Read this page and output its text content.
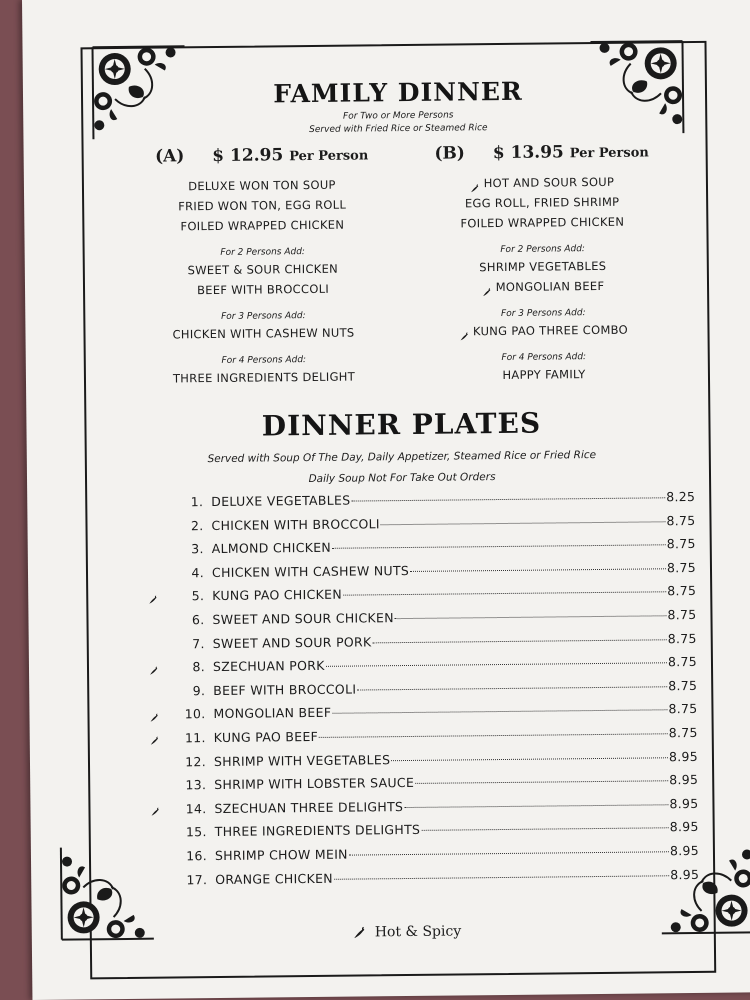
FAMILY DINNER
For Two or More Persons
Served with Fried Rice or Steamed Rice
(A) $ 12.95 Per Person
DELUXE WON TON SOUP
FRIED WON TON, EGG ROLL
FOILED WRAPPED CHICKEN
For 2 Persons Add:
SWEET & SOUR CHICKEN
BEEF WITH BROCCOLI
For 3 Persons Add:
CHICKEN WITH CASHEW NUTS
For 4 Persons Add:
THREE INGREDIENTS DELIGHT
(B) $ 13.95 Per Person
HOT AND SOUR SOUP
EGG ROLL, FRIED SHRIMP
FOILED WRAPPED CHICKEN
For 2 Persons Add:
SHRIMP VEGETABLES
MONGOLIAN BEEF
For 3 Persons Add:
KUNG PAO THREE COMBO
For 4 Persons Add:
HAPPY FAMILY
DINNER PLATES
Served with Soup Of The Day, Daily Appetizer, Steamed Rice or Fried Rice
Daily Soup Not For Take Out Orders
1. DELUXE VEGETABLES	8.25
2. CHICKEN WITH BROCCOLI	8.75
3. ALMOND CHICKEN	8.75
4. CHICKEN WITH CASHEW NUTS	8.75
5. KUNG PAO CHICKEN	8.75
6. SWEET AND SOUR CHICKEN	8.75
7. SWEET AND SOUR PORK	8.75
8. SZECHUAN PORK	8.75
9. BEEF WITH BROCCOLI	8.75
10. MONGOLIAN BEEF	8.75
11. KUNG PAO BEEF	8.75
12. SHRIMP WITH VEGETABLES	8.95
13. SHRIMP WITH LOBSTER SAUCE	8.95
14. SZECHUAN THREE DELIGHTS	8.95
15. THREE INGREDIENTS DELIGHTS	8.95
16. SHRIMP CHOW MEIN	8.95
17. ORANGE CHICKEN	8.95
Hot & Spicy
